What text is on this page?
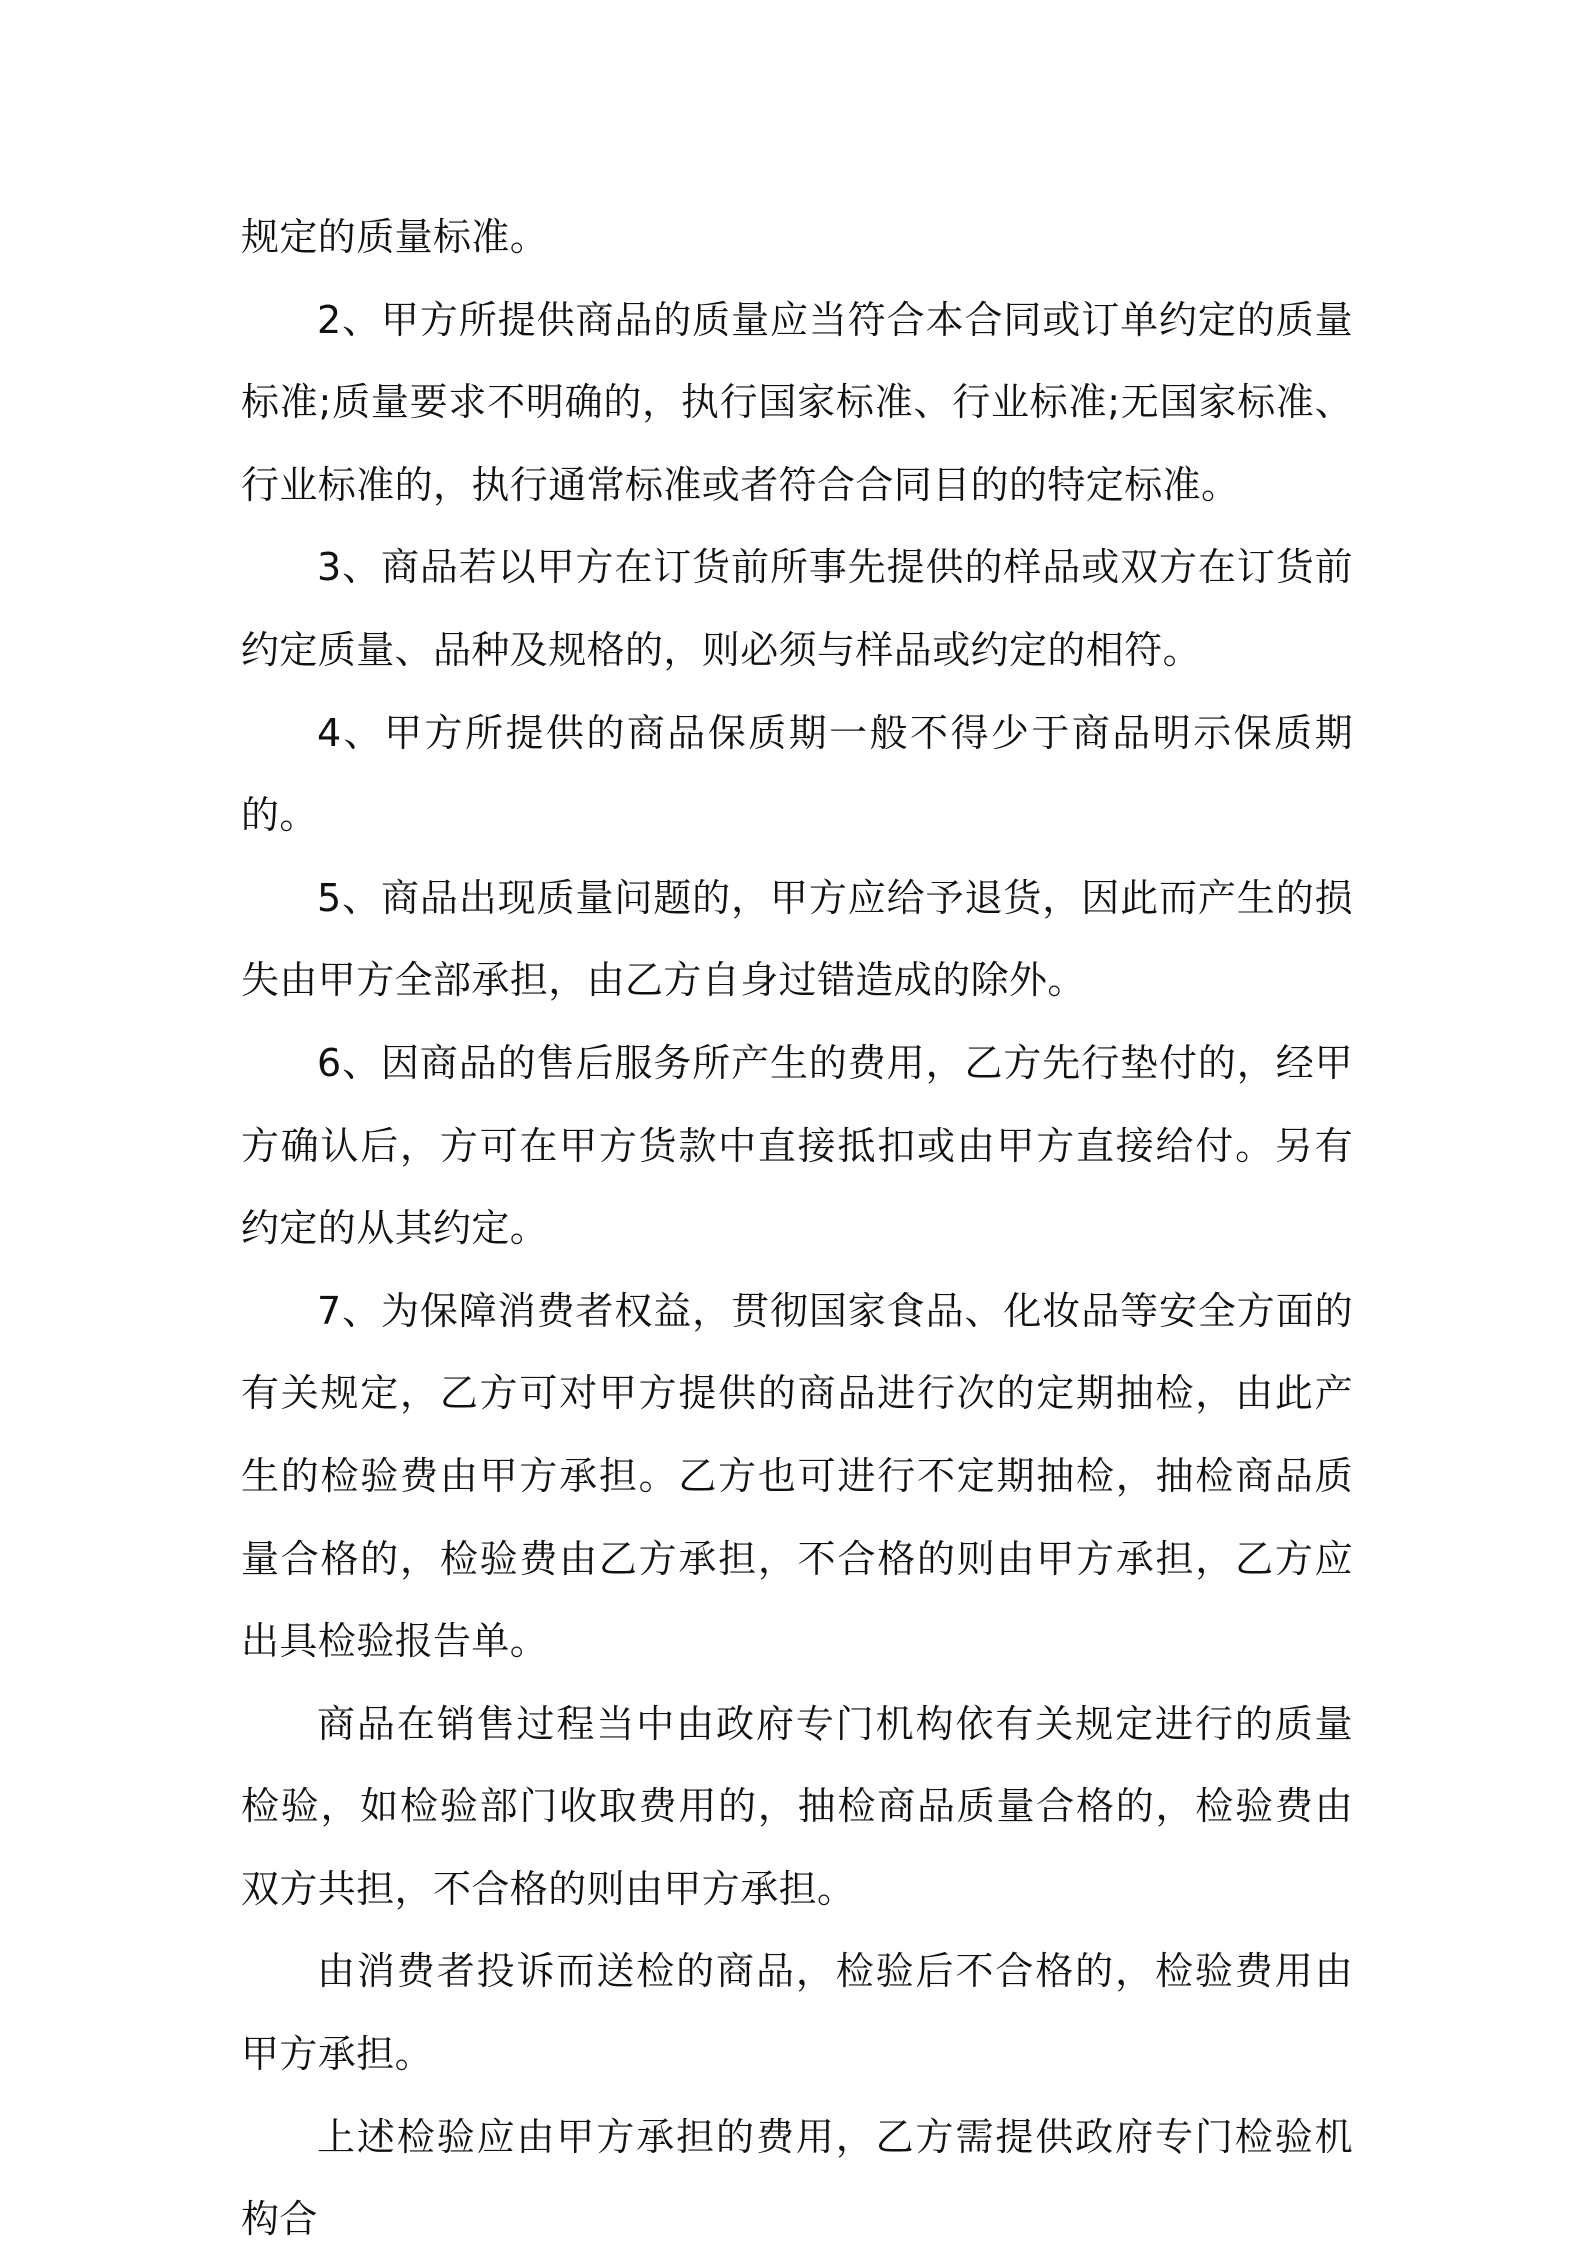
规定的质量标准。

2、甲方所提供商品的质量应当符合本合同或订单约定的质量标准;质量要求不明确的，执行国家标准、行业标准;无国家标准、行业标准的，执行通常标准或者符合合同目的的特定标准。

3、商品若以甲方在订货前所事先提供的样品或双方在订货前约定质量、品种及规格的，则必须与样品或约定的相符。

4、甲方所提供的商品保质期一般不得少于商品明示保质期的。

5、商品出现质量问题的，甲方应给予退货，因此而产生的损失由甲方全部承担，由乙方自身过错造成的除外。

6、因商品的售后服务所产生的费用，乙方先行垫付的，经甲方确认后，方可在甲方货款中直接抵扣或由甲方直接给付。另有约定的从其约定。

7、为保障消费者权益，贯彻国家食品、化妆品等安全方面的有关规定，乙方可对甲方提供的商品进行次的定期抽检，由此产生的检验费由甲方承担。乙方也可进行不定期抽检，抽检商品质量合格的，检验费由乙方承担，不合格的则由甲方承担，乙方应出具检验报告单。

商品在销售过程当中由政府专门机构依有关规定进行的质量检验，如检验部门收取费用的，抽检商品质量合格的，检验费由双方共担，不合格的则由甲方承担。

由消费者投诉而送检的商品，检验后不合格的，检验费用由甲方承担。

上述检验应由甲方承担的费用，乙方需提供政府专门检验机构合
